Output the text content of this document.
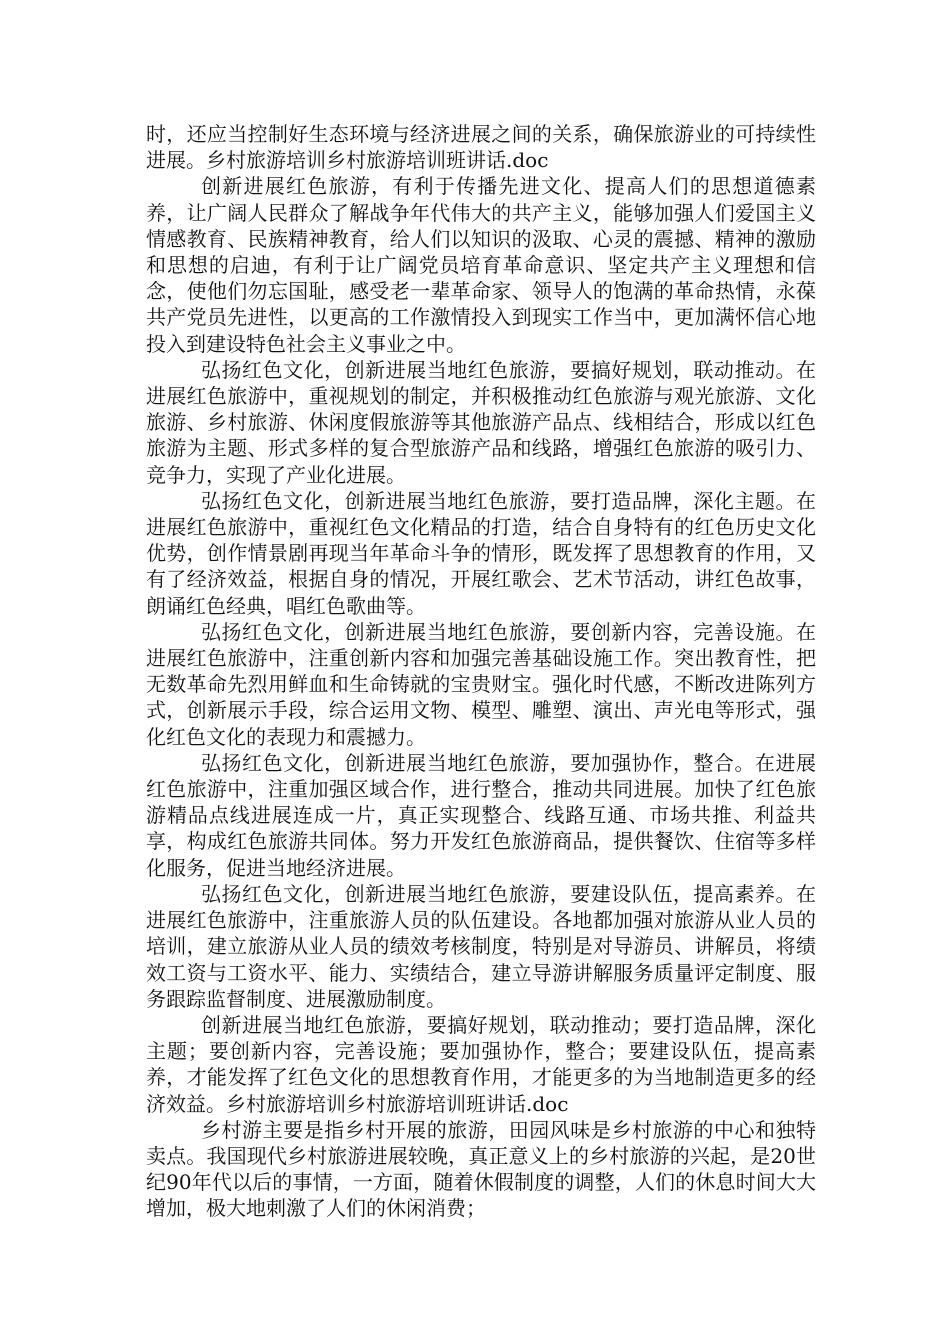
时，还应当控制好生态环境与经济进展之间的关系，确保旅游业的可持续性进展。乡村旅游培训乡村旅游培训班讲话.doc

创新进展红色旅游，有利于传播先进文化、提高人们的思想道德素养，让广阔人民群众了解战争年代伟大的共产主义，能够加强人们爱国主义情感教育、民族精神教育，给人们以知识的汲取、心灵的震撼、精神的激励和思想的启迪，有利于让广阔党员培育革命意识、坚定共产主义理想和信念，使他们勿忘国耻，感受老一辈革命家、领导人的饱满的革命热情，永葆共产党员先进性，以更高的工作激情投入到现实工作当中，更加满怀信心地投入到建设特色社会主义事业之中。

弘扬红色文化，创新进展当地红色旅游，要搞好规划，联动推动。在进展红色旅游中，重视规划的制定，并积极推动红色旅游与观光旅游、文化旅游、乡村旅游、休闲度假旅游等其他旅游产品点、线相结合，形成以红色旅游为主题、形式多样的复合型旅游产品和线路，增强红色旅游的吸引力、竞争力，实现了产业化进展。

弘扬红色文化，创新进展当地红色旅游，要打造品牌，深化主题。在进展红色旅游中，重视红色文化精品的打造，结合自身特有的红色历史文化优势，创作情景剧再现当年革命斗争的情形，既发挥了思想教育的作用，又有了经济效益，根据自身的情况，开展红歌会、艺术节活动，讲红色故事，朗诵红色经典，唱红色歌曲等。

弘扬红色文化，创新进展当地红色旅游，要创新内容，完善设施。在进展红色旅游中，注重创新内容和加强完善基础设施工作。突出教育性，把无数革命先烈用鲜血和生命铸就的宝贵财宝。强化时代感，不断改进陈列方式，创新展示手段，综合运用文物、模型、雕塑、演出、声光电等形式，强化红色文化的表现力和震撼力。

弘扬红色文化，创新进展当地红色旅游，要加强协作，整合。在进展红色旅游中，注重加强区域合作，进行整合，推动共同进展。加快了红色旅游精品点线进展连成一片，真正实现整合、线路互通、市场共推、利益共享，构成红色旅游共同体。努力开发红色旅游商品，提供餐饮、住宿等多样化服务，促进当地经济进展。

弘扬红色文化，创新进展当地红色旅游，要建设队伍，提高素养。在进展红色旅游中，注重旅游人员的队伍建设。各地都加强对旅游从业人员的培训，建立旅游从业人员的绩效考核制度，特别是对导游员、讲解员，将绩效工资与工资水平、能力、实绩结合，建立导游讲解服务质量评定制度、服务跟踪监督制度、进展激励制度。

创新进展当地红色旅游，要搞好规划，联动推动；要打造品牌，深化主题；要创新内容，完善设施；要加强协作，整合；要建设队伍，提高素养，才能发挥了红色文化的思想教育作用，才能更多的为当地制造更多的经济效益。乡村旅游培训乡村旅游培训班讲话.doc

乡村游主要是指乡村开展的旅游，田园风味是乡村旅游的中心和独特卖点。我国现代乡村旅游进展较晚，真正意义上的乡村旅游的兴起，是20世纪90年代以后的事情，一方面，随着休假制度的调整，人们的休息时间大大增加，极大地刺激了人们的休闲消费；
